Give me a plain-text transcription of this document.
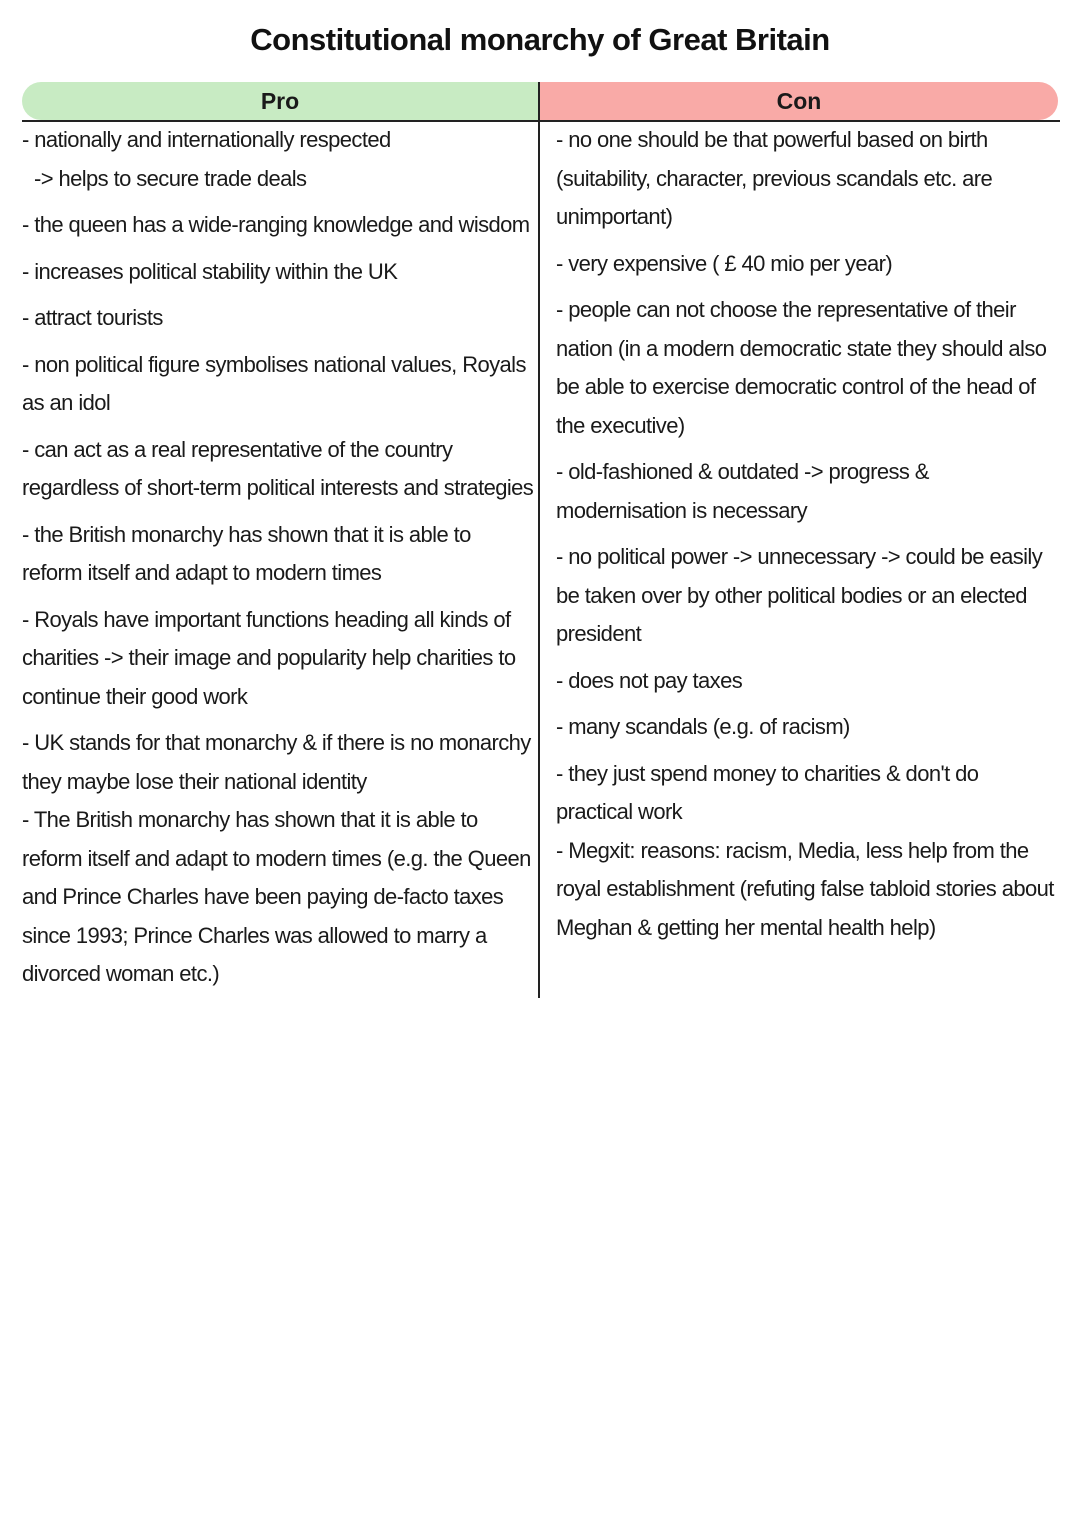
Constitutional monarchy of Great Britain
Pro	Con
- nationally and internationally respected
-> helps to secure trade deals
- the queen has a wide-ranging knowledge and wisdom
- increases political stability within the UK
- attract tourists
- non political figure symbolises national values, Royals as an idol
- can act as a real representative of the country regardless of short-term political interests and strategies
- the British monarchy has shown that it is able to reform itself and adapt to modern times
- Royals have important functions heading all kinds of charities -> their image and popularity help charities to continue their good work
- UK stands for that monarchy & if there is no monarchy they maybe lose their national identity
- The British monarchy has shown that it is able to reform itself and adapt to modern times (e.g. the Queen and Prince Charles have been paying de-facto taxes since 1993; Prince Charles was allowed to marry a divorced woman etc.)
- no one should be that powerful based on birth (suitability, character, previous scandals etc. are unimportant)
- very expensive ( £ 40 mio per year)
- people can not choose the representative of their nation (in a modern democratic state they should also be able to exercise democratic control of the head of the executive)
- old-fashioned & outdated -> progress & modernisation is necessary
- no political power -> unnecessary -> could be easily be taken over by other political bodies or an elected president
- does not pay taxes
- many scandals (e.g. of racism)
- they just spend money to charities & don't do practical work
- Megxit: reasons: racism, Media, less help from the royal establishment (refuting false tabloid stories about Meghan & getting her mental health help)
